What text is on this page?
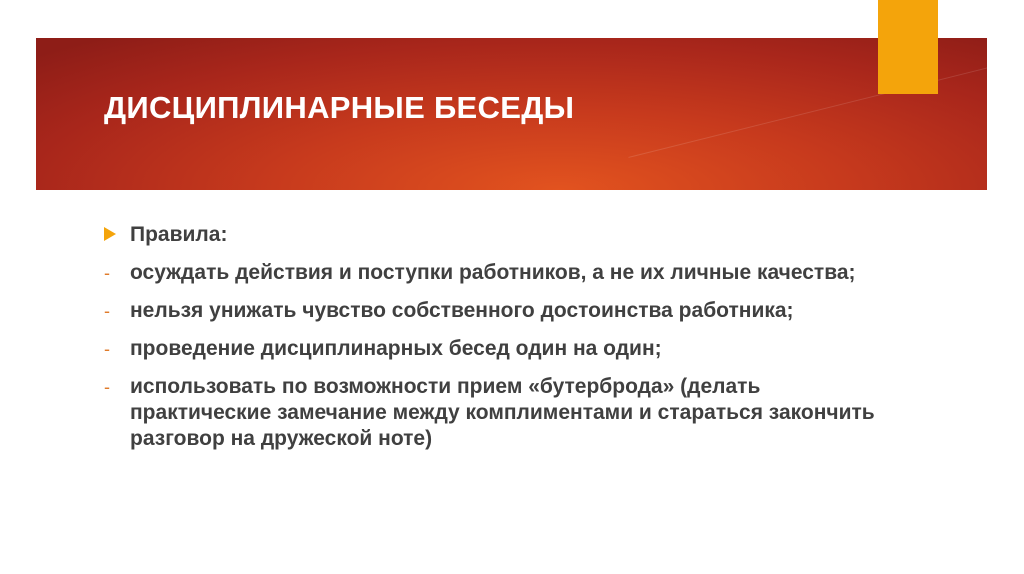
ДИСЦИПЛИНАРНЫЕ БЕСЕДЫ
Правила:
- осуждать действия и поступки работников, а не их личные качества;
- нельзя унижать чувство собственного достоинства работника;
- проведение дисциплинарных бесед один на один;
- использовать по возможности прием «бутерброда» (делать практические замечание между комплиментами и стараться закончить разговор на дружеской ноте)
